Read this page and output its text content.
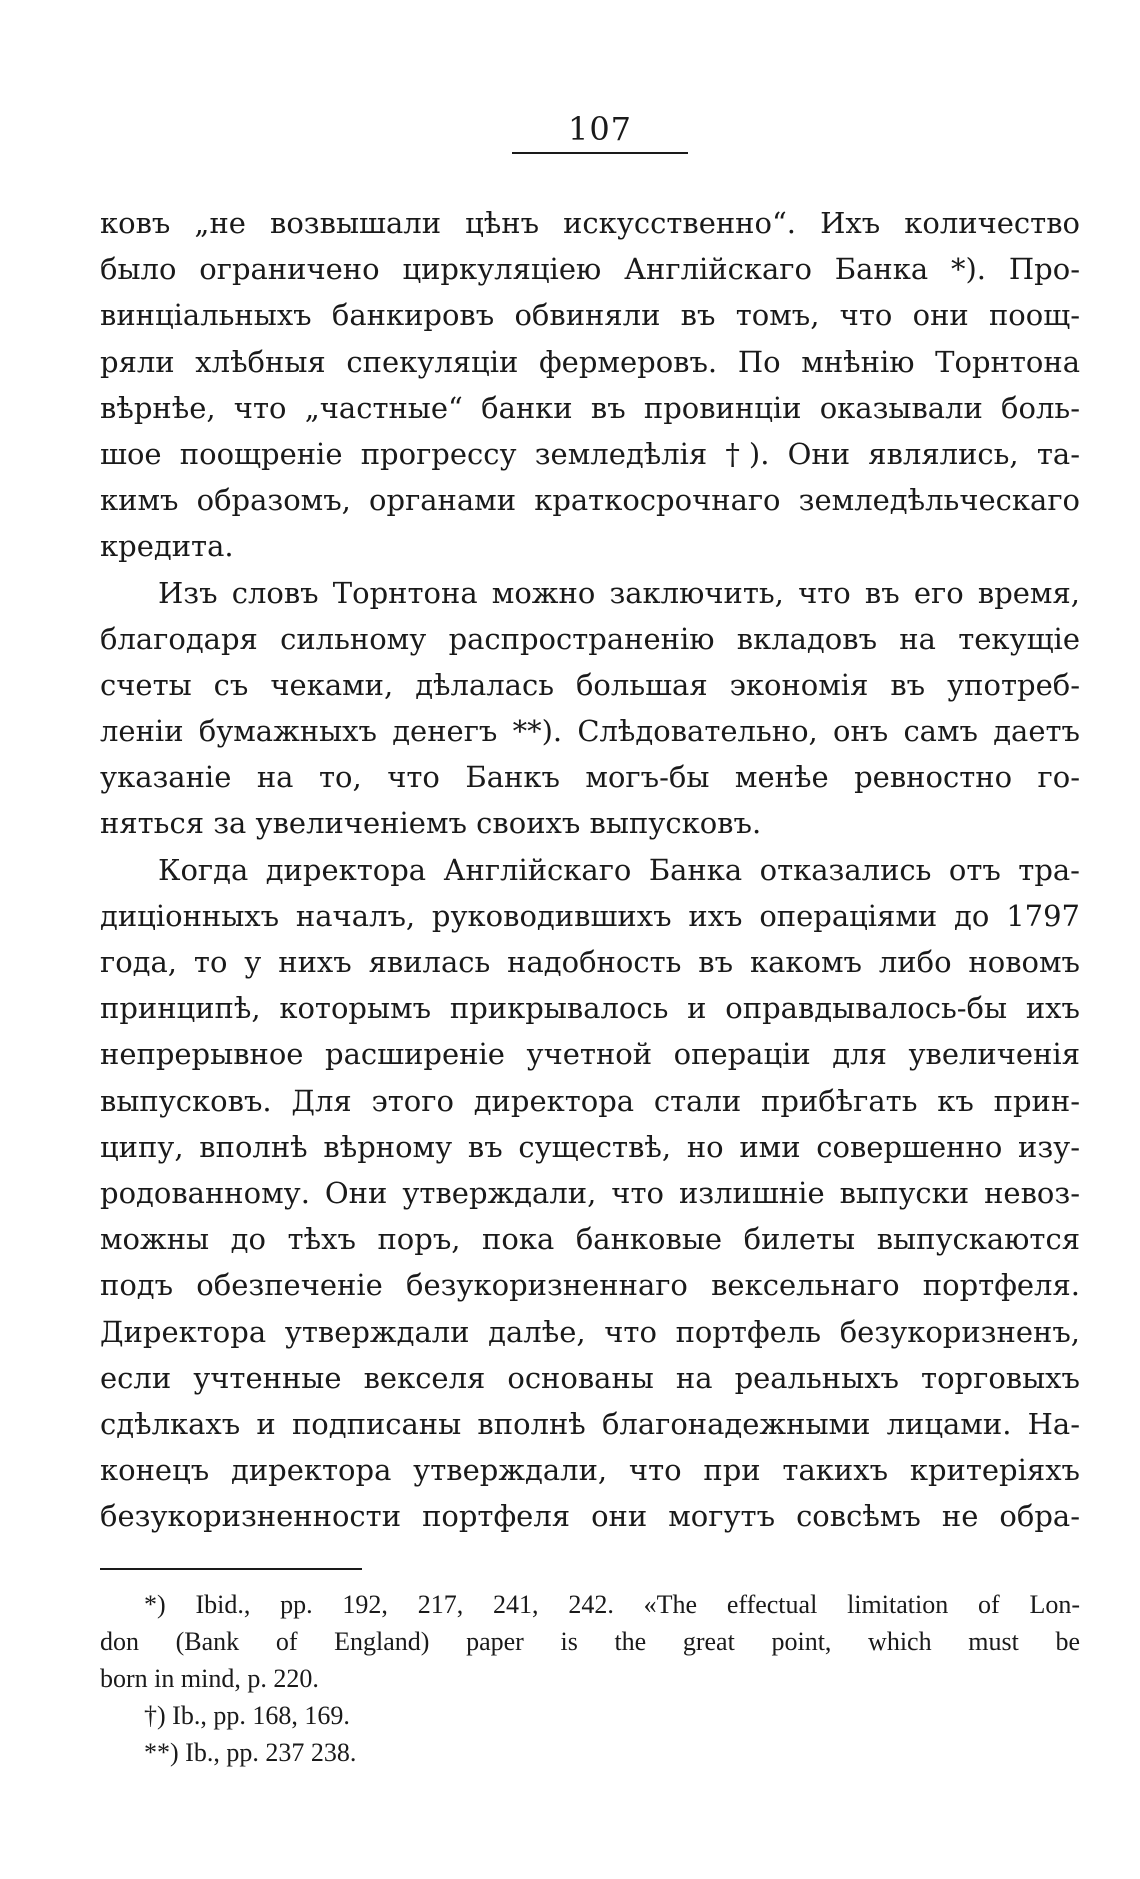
107
ковъ „не возвышали цѣнъ искусственно“. Ихъ количество
было ограничено циркуляціею Англійскаго Банка *). Про-
винціальныхъ банкировъ обвиняли въ томъ, что они поощ-
ряли хлѣбныя спекуляціи фермеровъ. По мнѣнію Торнтона
вѣрнѣе, что „частные“ банки въ провинціи оказывали боль-
шое поощреніе прогрессу земледѣлія †). Они являлись, та-
кимъ образомъ, органами краткосрочнаго земледѣльческаго
кредита.
Изъ словъ Торнтона можно заключить, что въ его время,
благодаря сильному распространенію вкладовъ на текущіе
счеты съ чеками, дѣлалась большая экономія въ употреб-
леніи бумажныхъ денегъ **). Слѣдовательно, онъ самъ даетъ
указаніе на то, что Банкъ могъ-бы менѣе ревностно го-
няться за увеличеніемъ своихъ выпусковъ.
Когда директора Англійскаго Банка отказались отъ тра-
диціонныхъ началъ, руководившихъ ихъ операціями до 1797
года, то у нихъ явилась надобность въ какомъ либо новомъ
принципѣ, которымъ прикрывалось и оправдывалось-бы ихъ
непрерывное расширеніе учетной операціи для увеличенія
выпусковъ. Для этого директора стали прибѣгать къ прин-
ципу, вполнѣ вѣрному въ существѣ, но ими совершенно изу-
родованному. Они утверждали, что излишніе выпуски невоз-
можны до тѣхъ поръ, пока банковые билеты выпускаются
подъ обезпеченіе безукоризненнаго вексельнаго портфеля.
Директора утверждали далѣе, что портфель безукоризненъ,
если учтенные векселя основаны на реальныхъ торговыхъ
сдѣлкахъ и подписаны вполнѣ благонадежными лицами. На-
конецъ директора утверждали, что при такихъ критеріяхъ
безукоризненности портфеля они могутъ совсѣмъ не обра-
*) Ibid., pp. 192, 217, 241, 242. «The effectual limitation of Lon-
don (Bank of England) paper is the great point, which must be
born in mind, p. 220.
†) Ib., pp. 168, 169.
**) Ib., pp. 237 238.
